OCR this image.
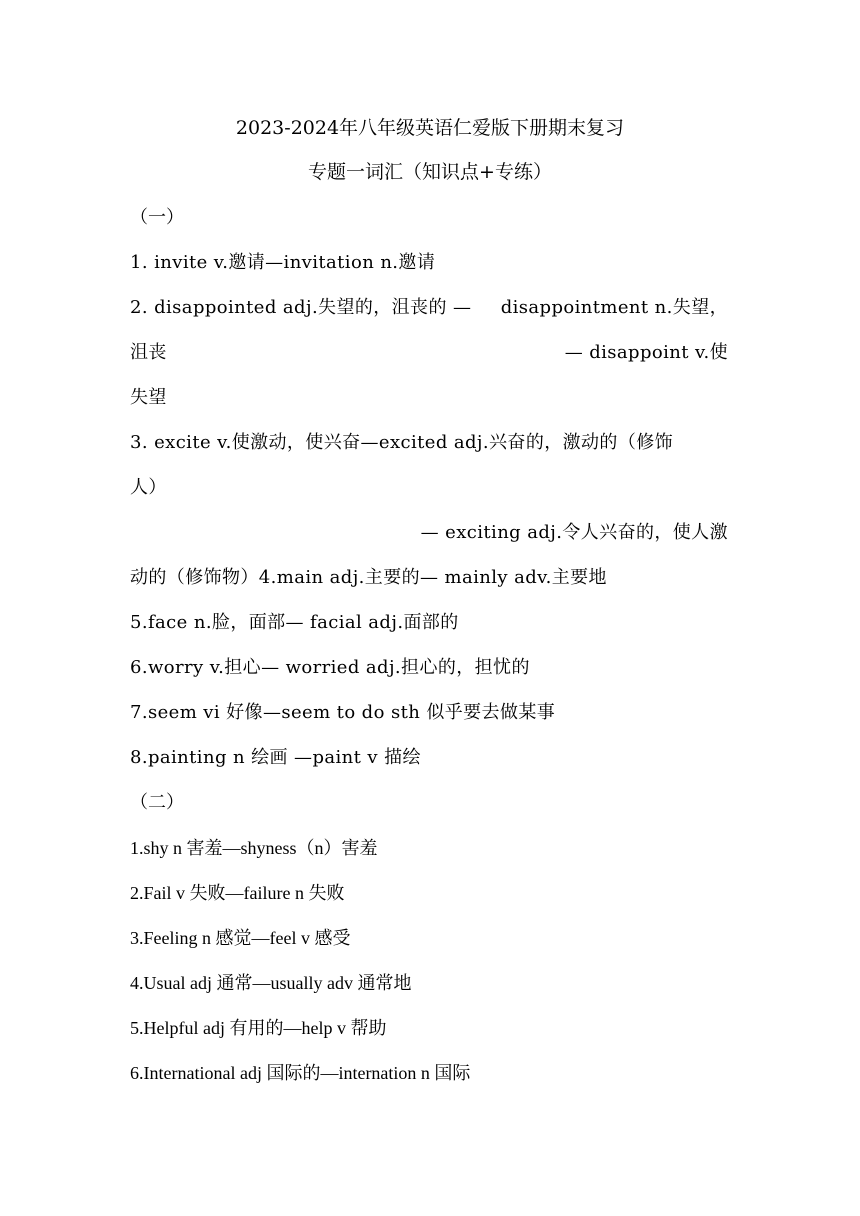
2023-2024年八年级英语仁爱版下册期末复习
专题一词汇（知识点+专练）

（一）

1. invite v.邀请—invitation n.邀请

2. disappointed adj.失望的，沮丧的 — disappointment n.失望，
沮丧	— disappoint v.使

失望

3. excite v.使激动，使兴奋—excited adj.兴奋的，激动的（修饰

人）

— exciting adj.令人兴奋的，使人激

动的（修饰物）4.main adj.主要的— mainly adv.主要地

5.face n.脸，面部— facial adj.面部的

6.worry v.担心— worried adj.担心的，担忧的

7.seem vi 好像—seem to do sth 似乎要去做某事

8.painting n 绘画 —paint v 描绘

（二）

1.shy n 害羞—shyness（n）害羞

2.Fail v 失败—failure n 失败

3.Feeling n 感觉—feel v 感受

4.Usual adj 通常—usually adv 通常地

5.Helpful adj 有用的—help v 帮助

6.International adj 国际的—internation n 国际
